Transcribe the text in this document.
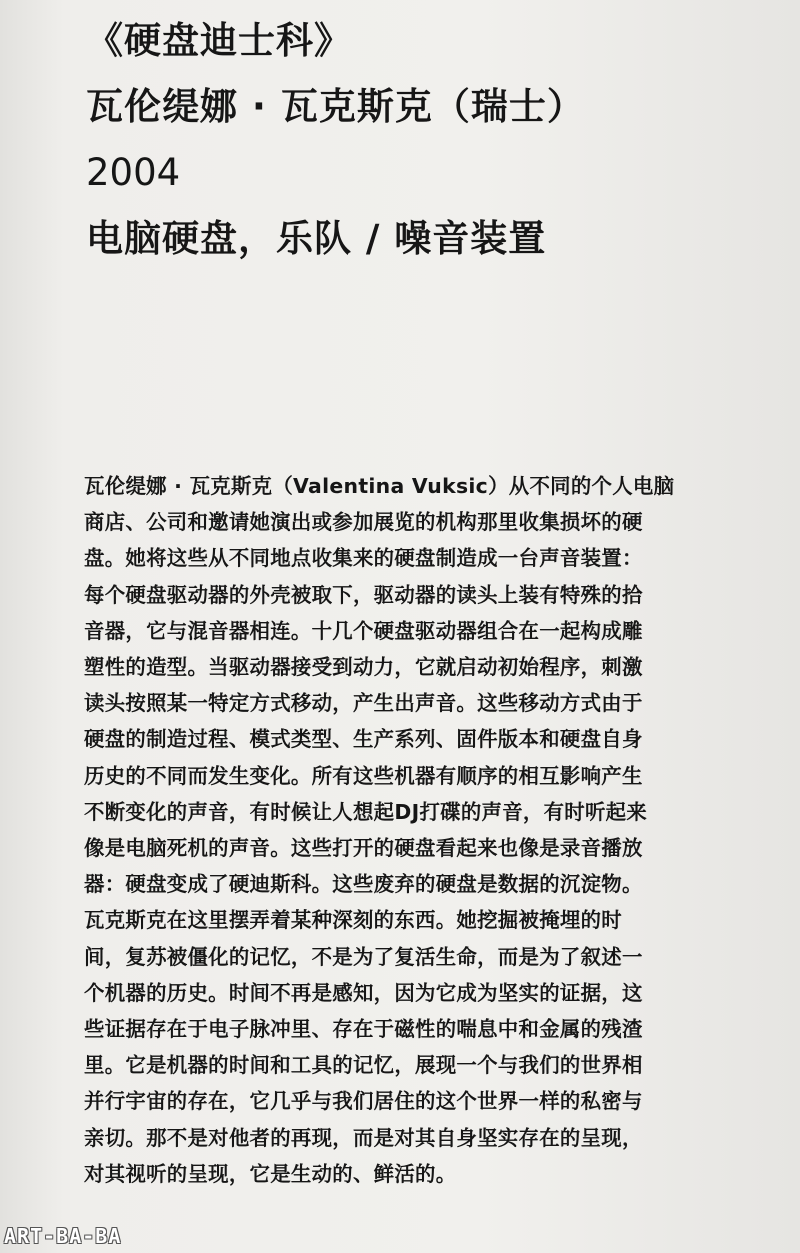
《硬盘迪士科》
瓦伦缇娜 · 瓦克斯克（瑞士）
2004
电脑硬盘，乐队 / 噪音装置
瓦伦缇娜 · 瓦克斯克（Valentina Vuksic）从不同的个人电脑
商店、公司和邀请她演出或参加展览的机构那里收集损坏的硬
盘。她将这些从不同地点收集来的硬盘制造成一台声音装置：
每个硬盘驱动器的外壳被取下，驱动器的读头上装有特殊的拾
音器，它与混音器相连。十几个硬盘驱动器组合在一起构成雕
塑性的造型。当驱动器接受到动力，它就启动初始程序，刺激
读头按照某一特定方式移动，产生出声音。这些移动方式由于
硬盘的制造过程、模式类型、生产系列、固件版本和硬盘自身
历史的不同而发生变化。所有这些机器有顺序的相互影响产生
不断变化的声音，有时候让人想起DJ打碟的声音，有时听起来
像是电脑死机的声音。这些打开的硬盘看起来也像是录音播放
器：硬盘变成了硬迪斯科。这些废弃的硬盘是数据的沉淀物。
瓦克斯克在这里摆弄着某种深刻的东西。她挖掘被掩埋的时
间，复苏被僵化的记忆，不是为了复活生命，而是为了叙述一
个机器的历史。时间不再是感知，因为它成为坚实的证据，这
些证据存在于电子脉冲里、存在于磁性的喘息中和金属的残渣
里。它是机器的时间和工具的记忆，展现一个与我们的世界相
并行宇宙的存在，它几乎与我们居住的这个世界一样的私密与
亲切。那不是对他者的再现，而是对其自身坚实存在的呈现，
对其视听的呈现，它是生动的、鲜活的。
ART-BA-BA
